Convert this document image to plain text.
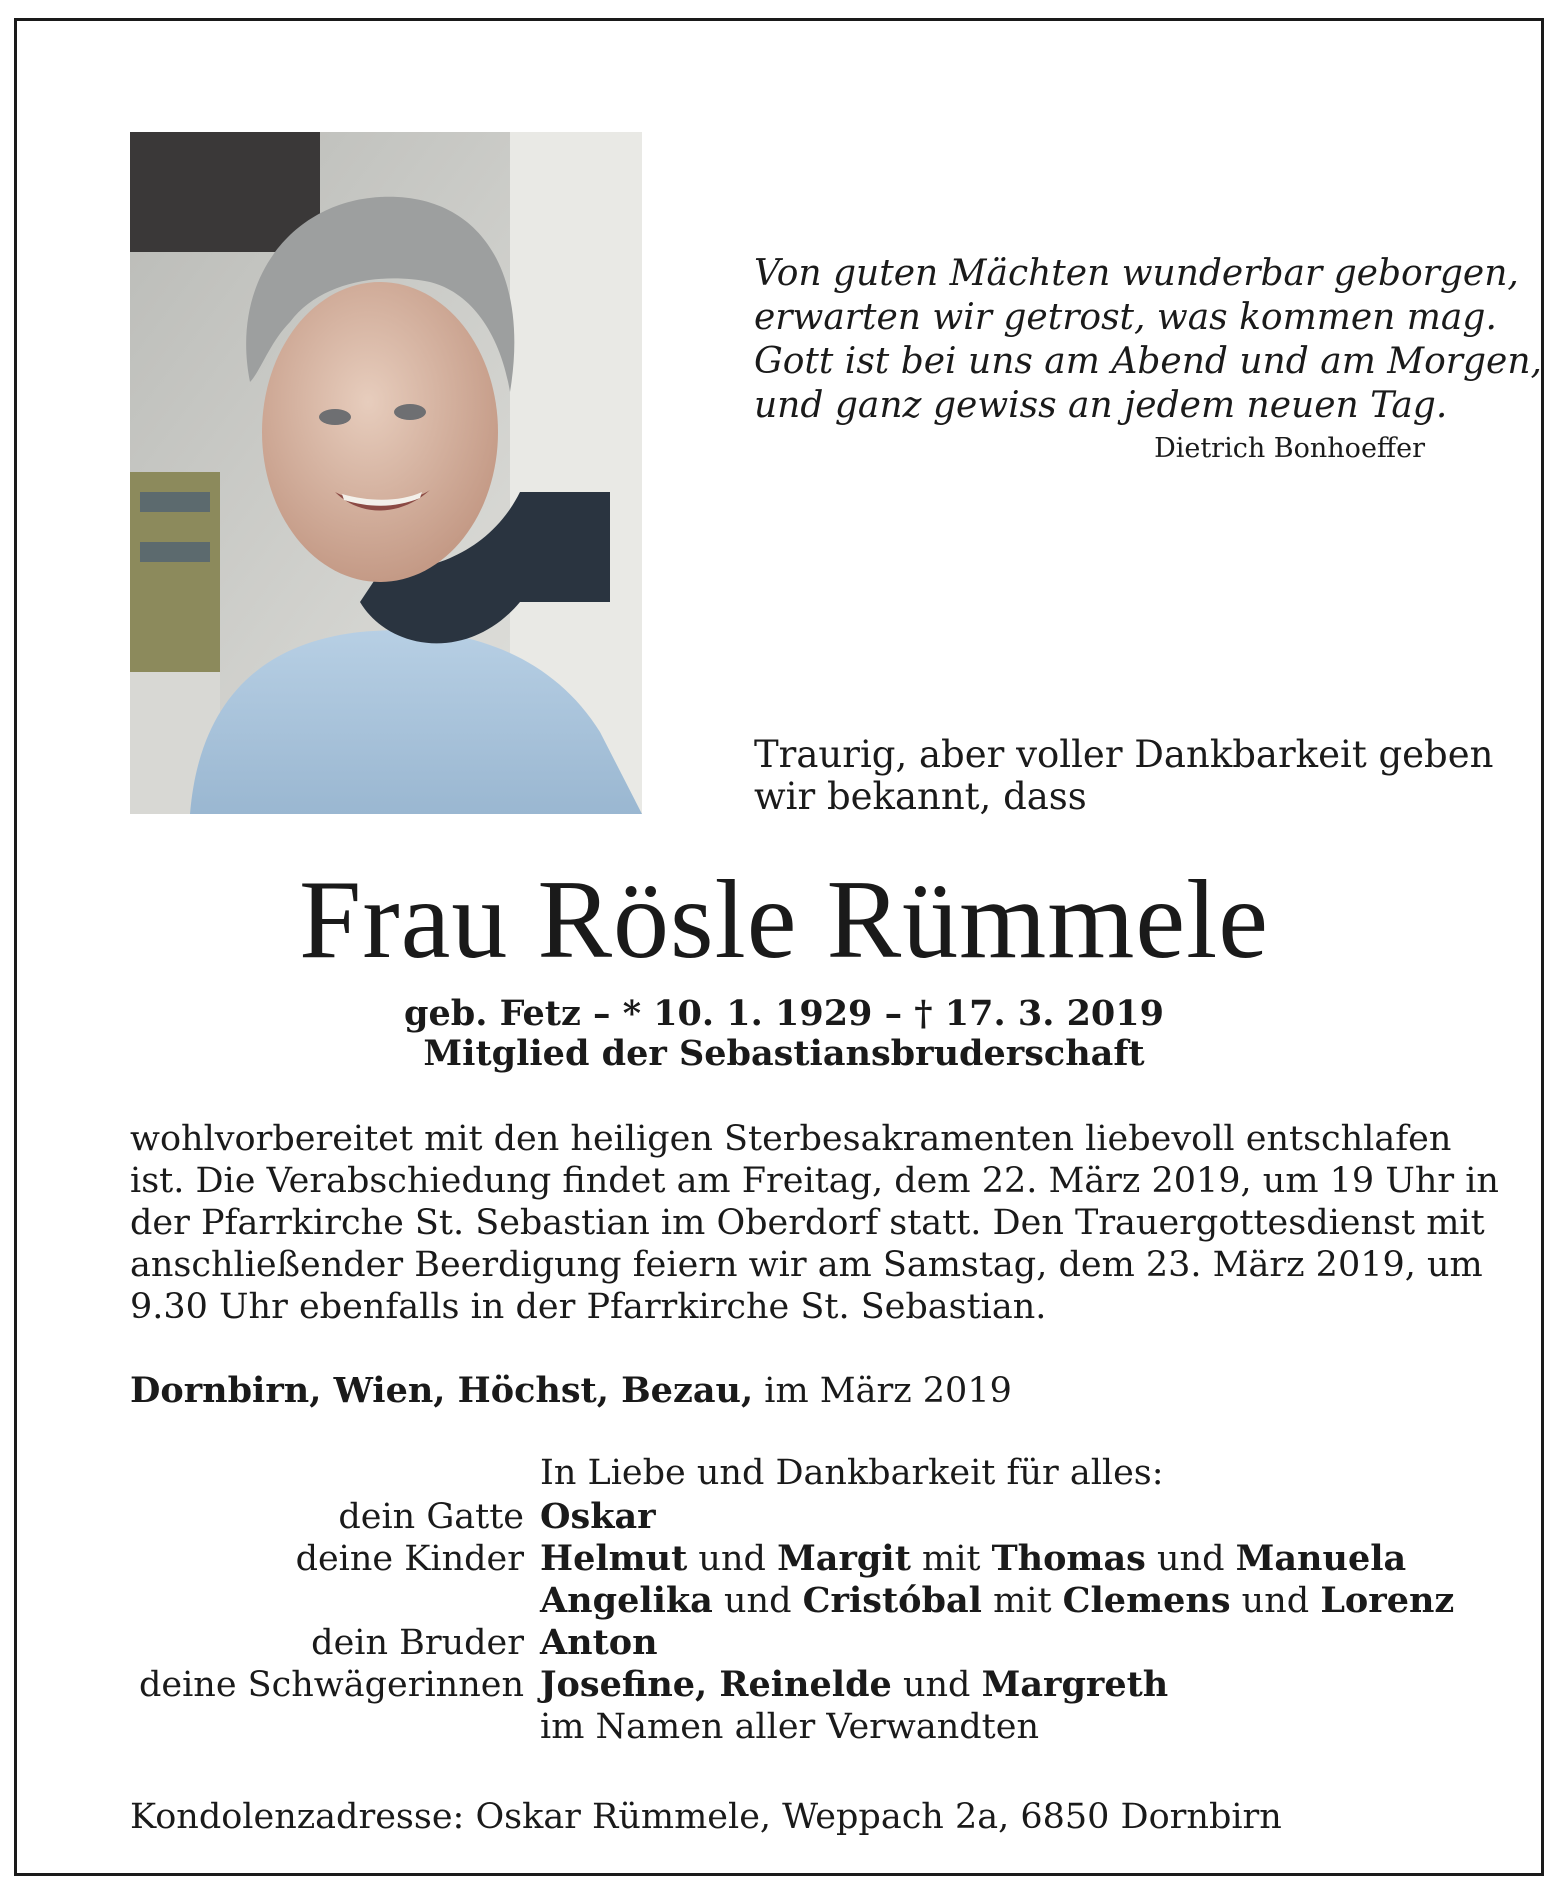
Von guten Mächten wunderbar geborgen,
erwarten wir getrost, was kommen mag.
Gott ist bei uns am Abend und am Morgen,
und ganz gewiss an jedem neuen Tag.
Dietrich Bonhoeffer
Traurig, aber voller Dankbarkeit geben
wir bekannt, dass
Frau Rösle Rümmele
geb. Fetz – * 10. 1. 1929 – † 17. 3. 2019
Mitglied der Sebastiansbruderschaft
wohlvorbereitet mit den heiligen Sterbesakramenten liebevoll entschlafen
ist. Die Verabschiedung findet am Freitag, dem 22. März 2019, um 19 Uhr in
der Pfarrkirche St. Sebastian im Oberdorf statt. Den Trauergottesdienst mit
anschließender Beerdigung feiern wir am Samstag, dem 23. März 2019, um
9.30 Uhr ebenfalls in der Pfarrkirche St. Sebastian.
Dornbirn, Wien, Höchst, Bezau, im März 2019
In Liebe und Dankbarkeit für alles:
dein Gatte Oskar
deine Kinder Helmut und Margit mit Thomas und Manuela
Angelika und Cristóbal mit Clemens und Lorenz
dein Bruder Anton
deine Schwägerinnen Josefine, Reinelde und Margreth
im Namen aller Verwandten
Kondolenzadresse: Oskar Rümmele, Weppach 2a, 6850 Dornbirn
